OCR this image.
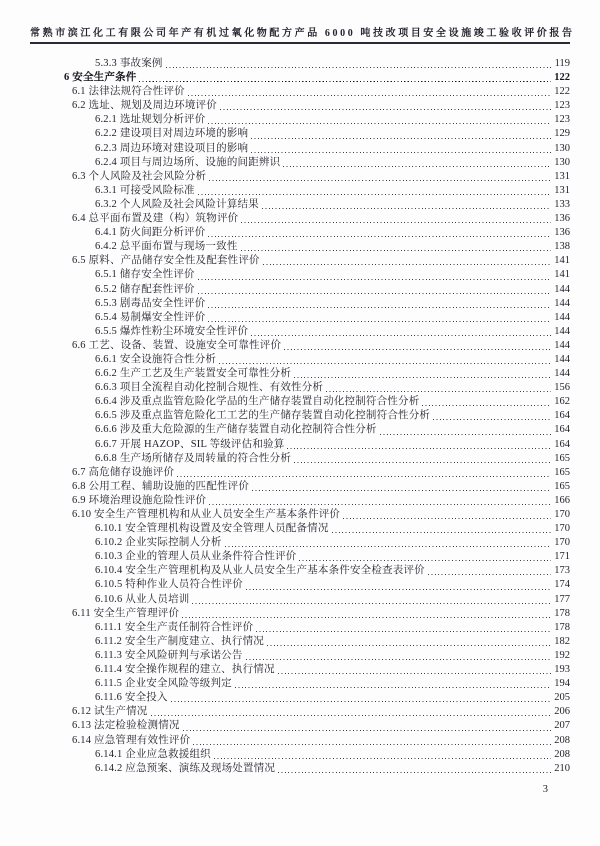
常熟市滨江化工有限公司年产有机过氧化物配方产品 6000 吨技改项目安全设施竣工验收评价报告
5.3.3 事故案例	119
6 安全生产条件	122
6.1 法律法规符合性评价	122
6.2 选址、规划及周边环境评价	123
6.2.1 选址规划分析评价	123
6.2.2 建设项目对周边环境的影响	129
6.2.3 周边环境对建设项目的影响	130
6.2.4 项目与周边场所、设施的间距辨识	130
6.3 个人风险及社会风险分析	131
6.3.1 可接受风险标准	131
6.3.2 个人风险及社会风险计算结果	133
6.4 总平面布置及建（构）筑物评价	136
6.4.1 防火间距分析评价	136
6.4.2 总平面布置与现场一致性	138
6.5 原料、产品储存安全性及配套性评价	141
6.5.1 储存安全性评价	141
6.5.2 储存配套性评价	144
6.5.3 剧毒品安全性评价	144
6.5.4 易制爆安全性评价	144
6.5.5 爆炸性粉尘环境安全性评价	144
6.6 工艺、设备、装置、设施安全可靠性评价	144
6.6.1 安全设施符合性分析	144
6.6.2 生产工艺及生产装置安全可靠性分析	144
6.6.3 项目全流程自动化控制合规性、有效性分析	156
6.6.4 涉及重点监管危险化学品的生产储存装置自动化控制符合性分析	162
6.6.5 涉及重点监管危险化工工艺的生产储存装置自动化控制符合性分析	164
6.6.6 涉及重大危险源的生产储存装置自动化控制符合性分析	164
6.6.7 开展 HAZOP、SIL 等级评估和验算	164
6.6.8 生产场所储存及周转量的符合性分析	165
6.7 高危储存设施评价	165
6.8 公用工程、辅助设施的匹配性评价	165
6.9 环境治理设施危险性评价	166
6.10 安全生产管理机构和从业人员安全生产基本条件评价	170
6.10.1 安全管理机构设置及安全管理人员配备情况	170
6.10.2 企业实际控制人分析	170
6.10.3 企业的管理人员从业条件符合性评价	171
6.10.4 安全生产管理机构及从业人员安全生产基本条件安全检查表评价	173
6.10.5 特种作业人员符合性评价	174
6.10.6 从业人员培训	177
6.11 安全生产管理评价	178
6.11.1 安全生产责任制符合性评价	178
6.11.2 安全生产制度建立、执行情况	182
6.11.3 安全风险研判与承诺公告	192
6.11.4 安全操作规程的建立、执行情况	193
6.11.5 企业安全风险等级判定	194
6.11.6 安全投入	205
6.12 试生产情况	206
6.13 法定检验检测情况	207
6.14 应急管理有效性评价	208
6.14.1 企业应急救援组织	208
6.14.2 应急预案、演练及现场处置情况	210
3
